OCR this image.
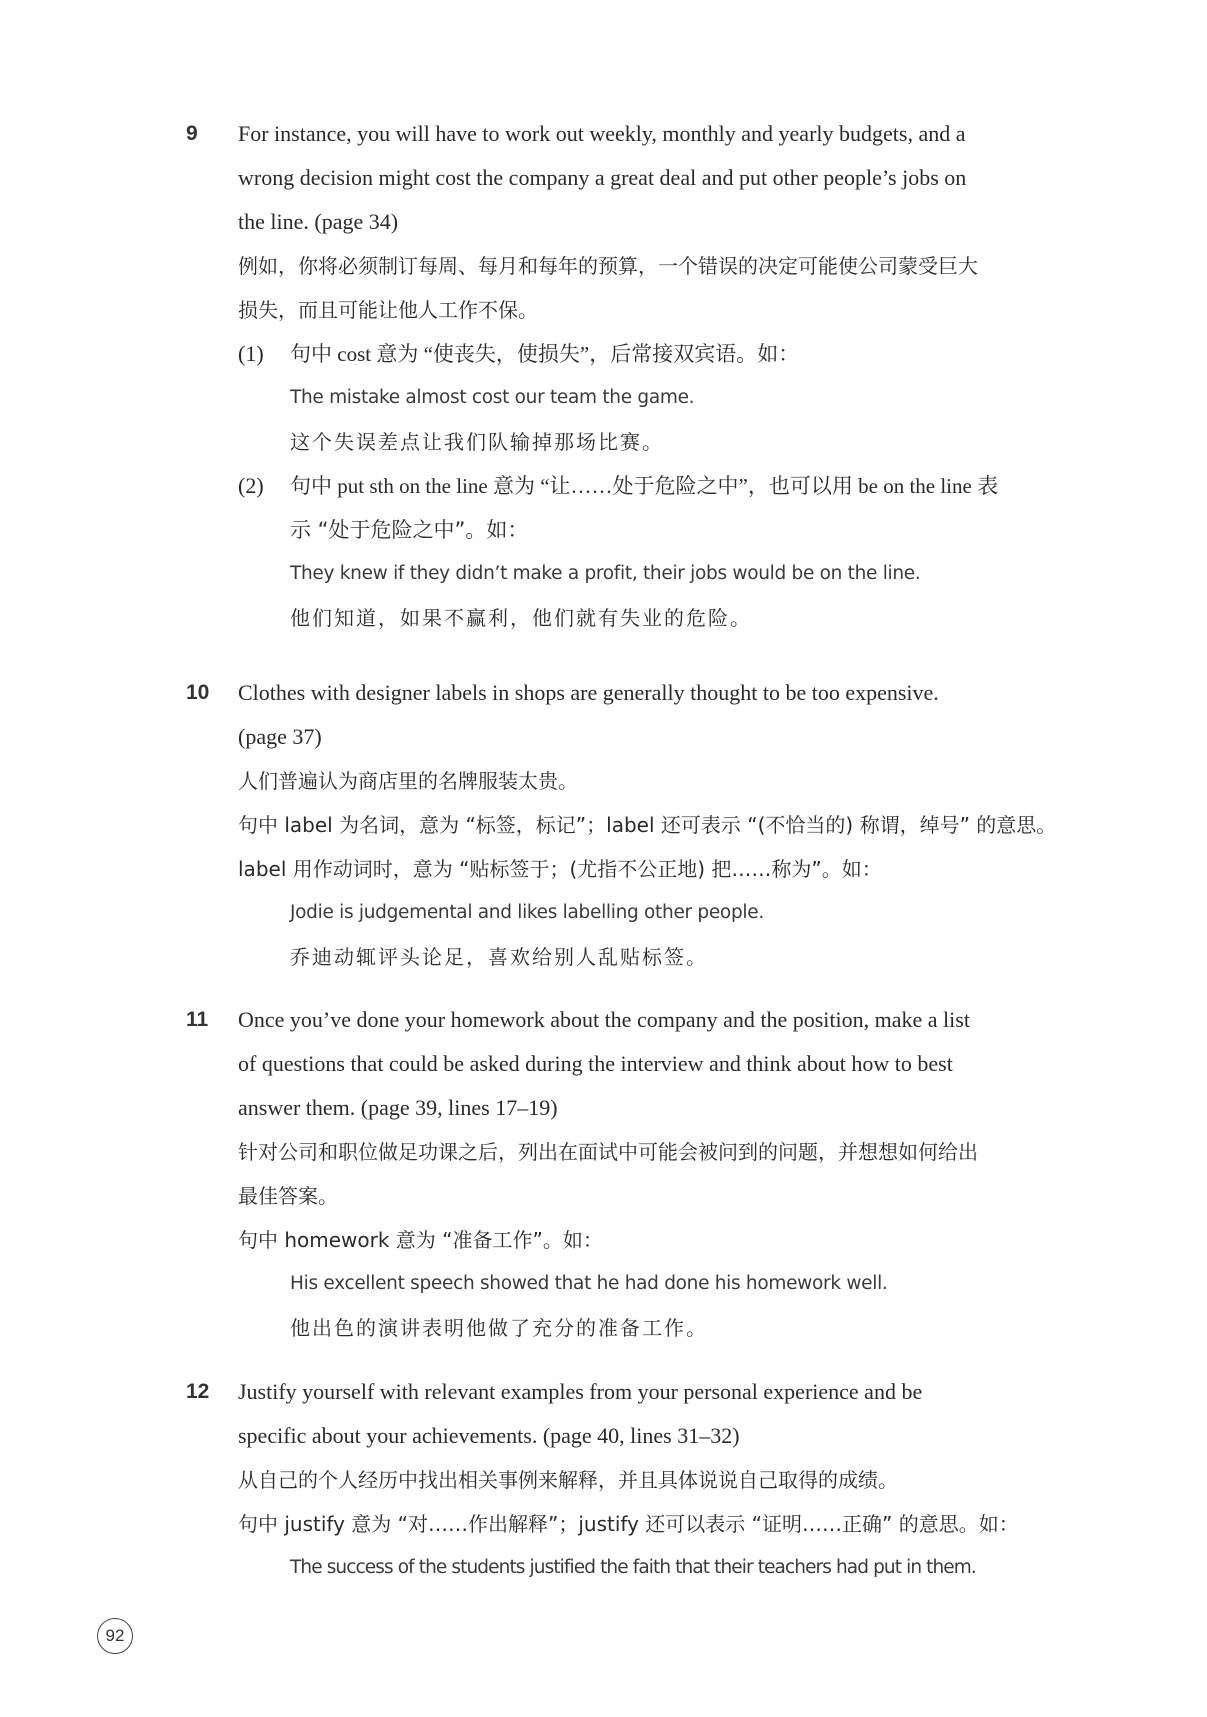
9 For instance, you will have to work out weekly, monthly and yearly budgets, and a
wrong decision might cost the company a great deal and put other people’s jobs on
the line. (page 34)
例如，你将必须制订每周、每月和每年的预算，一个错误的决定可能使公司蒙受巨大
损失，而且可能让他人工作不保。
(1) 句中 cost 意为 “使丧失，使损失”，后常接双宾语。如：
The mistake almost cost our team the game.
这个失误差点让我们队输掉那场比赛。
(2) 句中 put sth on the line 意为 “让……处于危险之中”，也可以用 be on the line 表
示 “处于危险之中”。如：
They knew if they didn’t make a profit, their jobs would be on the line.
他们知道，如果不赢利，他们就有失业的危险。
10 Clothes with designer labels in shops are generally thought to be too expensive.
(page 37)
人们普遍认为商店里的名牌服装太贵。
句中 label 为名词，意为 “标签，标记”；label 还可表示 “(不恰当的) 称谓，绰号” 的意思。
label 用作动词时，意为 “贴标签于；(尤指不公正地) 把……称为”。如：
Jodie is judgemental and likes labelling other people.
乔迪动辄评头论足，喜欢给别人乱贴标签。
11 Once you’ve done your homework about the company and the position, make a list
of questions that could be asked during the interview and think about how to best
answer them. (page 39, lines 17–19)
针对公司和职位做足功课之后，列出在面试中可能会被问到的问题，并想想如何给出
最佳答案。
句中 homework 意为 “准备工作”。如：
His excellent speech showed that he had done his homework well.
他出色的演讲表明他做了充分的准备工作。
12 Justify yourself with relevant examples from your personal experience and be
specific about your achievements. (page 40, lines 31–32)
从自己的个人经历中找出相关事例来解释，并且具体说说自己取得的成绩。
句中 justify 意为 “对……作出解释”；justify 还可以表示 “证明……正确” 的意思。如：
The success of the students justified the faith that their teachers had put in them.
92
